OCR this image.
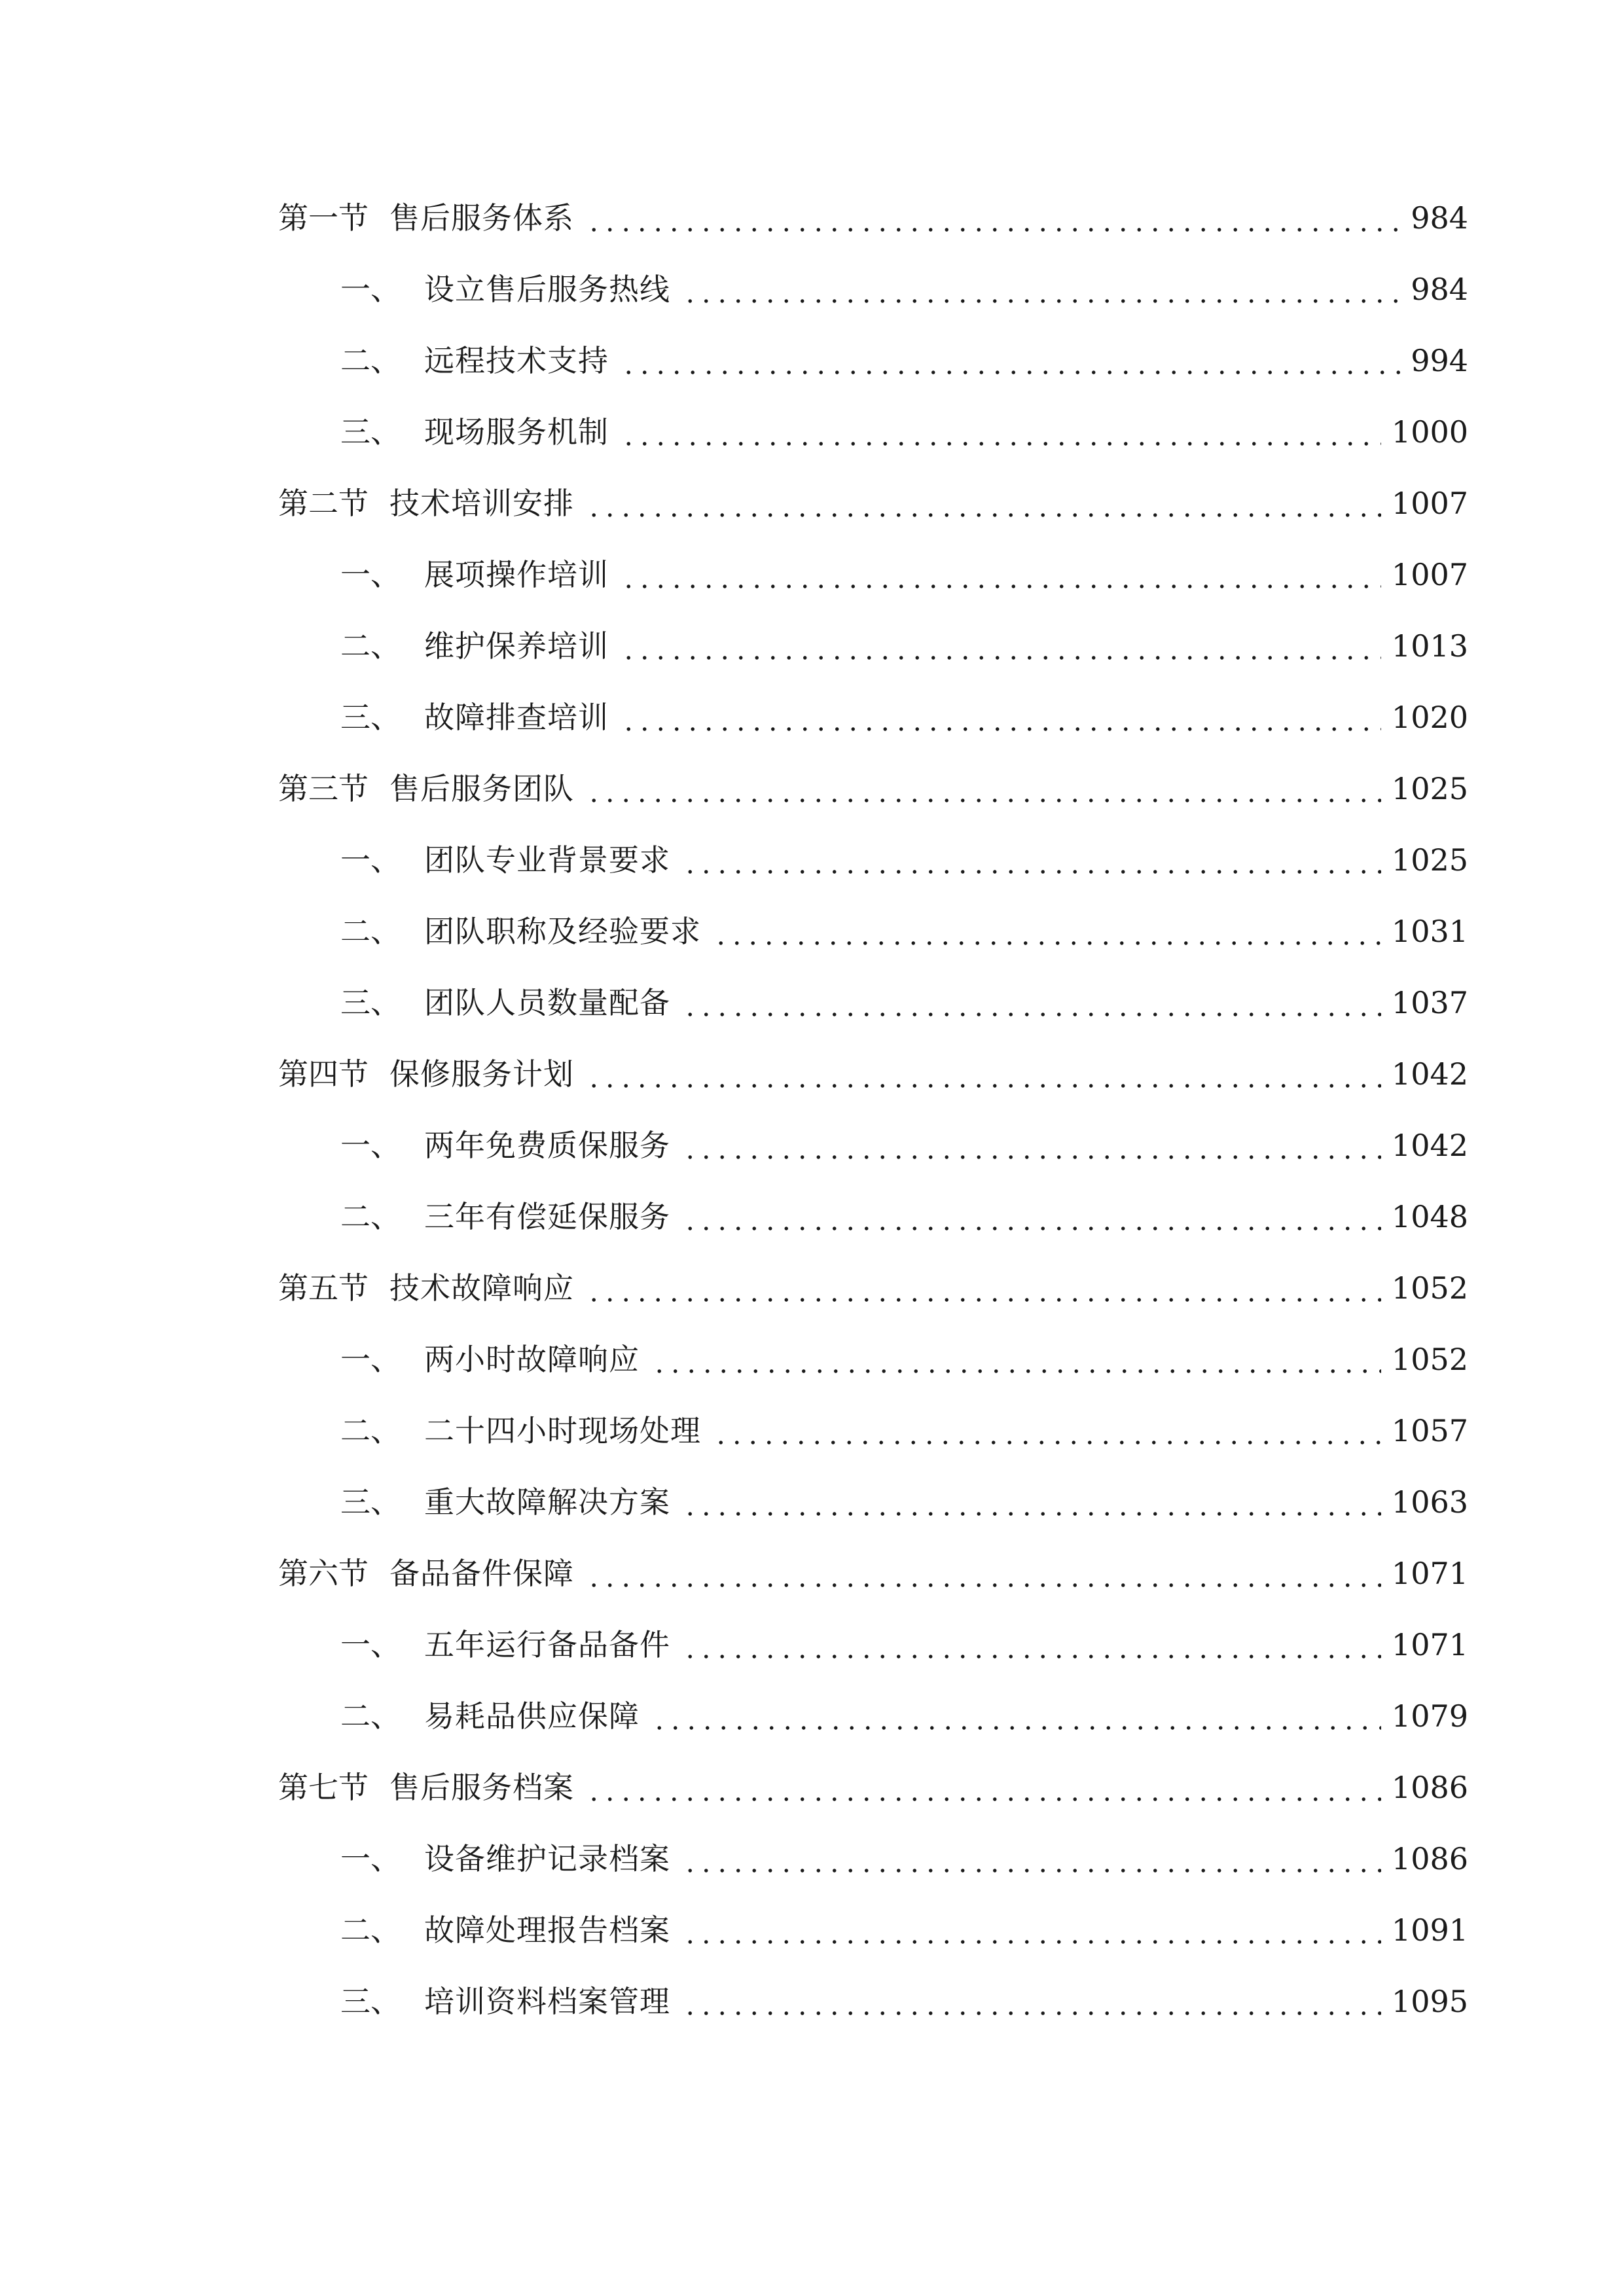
第一节 售后服务体系	984
一、 设立售后服务热线	984
二、 远程技术支持	994
三、 现场服务机制	1000
第二节 技术培训安排	1007
一、 展项操作培训	1007
二、 维护保养培训	1013
三、 故障排查培训	1020
第三节 售后服务团队	1025
一、 团队专业背景要求	1025
二、 团队职称及经验要求	1031
三、 团队人员数量配备	1037
第四节 保修服务计划	1042
一、 两年免费质保服务	1042
二、 三年有偿延保服务	1048
第五节 技术故障响应	1052
一、 两小时故障响应	1052
二、 二十四小时现场处理	1057
三、 重大故障解决方案	1063
第六节 备品备件保障	1071
一、 五年运行备品备件	1071
二、 易耗品供应保障	1079
第七节 售后服务档案	1086
一、 设备维护记录档案	1086
二、 故障处理报告档案	1091
三、 培训资料档案管理	1095
